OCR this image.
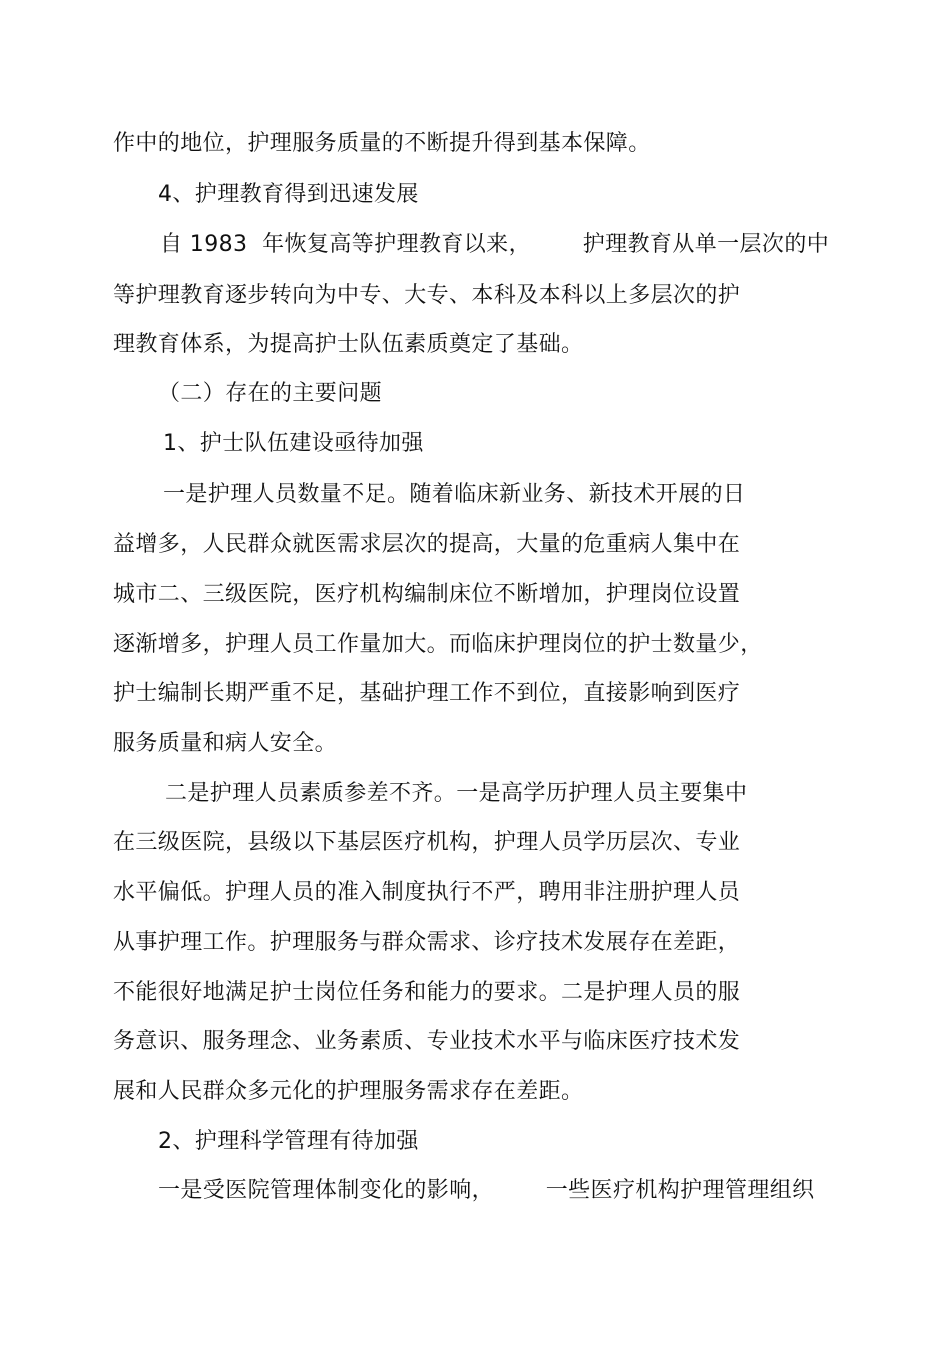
作中的地位，护理服务质量的不断提升得到基本保障。
4、护理教育得到迅速发展
自 1983  年恢复高等护理教育以来，       护理教育从单一层次的中
等护理教育逐步转向为中专、大专、本科及本科以上多层次的护
理教育体系，为提高护士队伍素质奠定了基础。
（二）存在的主要问题
1、护士队伍建设亟待加强
一是护理人员数量不足。随着临床新业务、新技术开展的日
益增多，人民群众就医需求层次的提高，大量的危重病人集中在
城市二、三级医院，医疗机构编制床位不断增加，护理岗位设置
逐渐增多，护理人员工作量加大。而临床护理岗位的护士数量少，
护士编制长期严重不足，基础护理工作不到位，直接影响到医疗
服务质量和病人安全。
二是护理人员素质参差不齐。一是高学历护理人员主要集中
在三级医院，县级以下基层医疗机构，护理人员学历层次、专业
水平偏低。护理人员的准入制度执行不严，聘用非注册护理人员
从事护理工作。护理服务与群众需求、诊疗技术发展存在差距，
不能很好地满足护士岗位任务和能力的要求。二是护理人员的服
务意识、服务理念、业务素质、专业技术水平与临床医疗技术发
展和人民群众多元化的护理服务需求存在差距。
2、护理科学管理有待加强
一是受医院管理体制变化的影响，       一些医疗机构护理管理组织
